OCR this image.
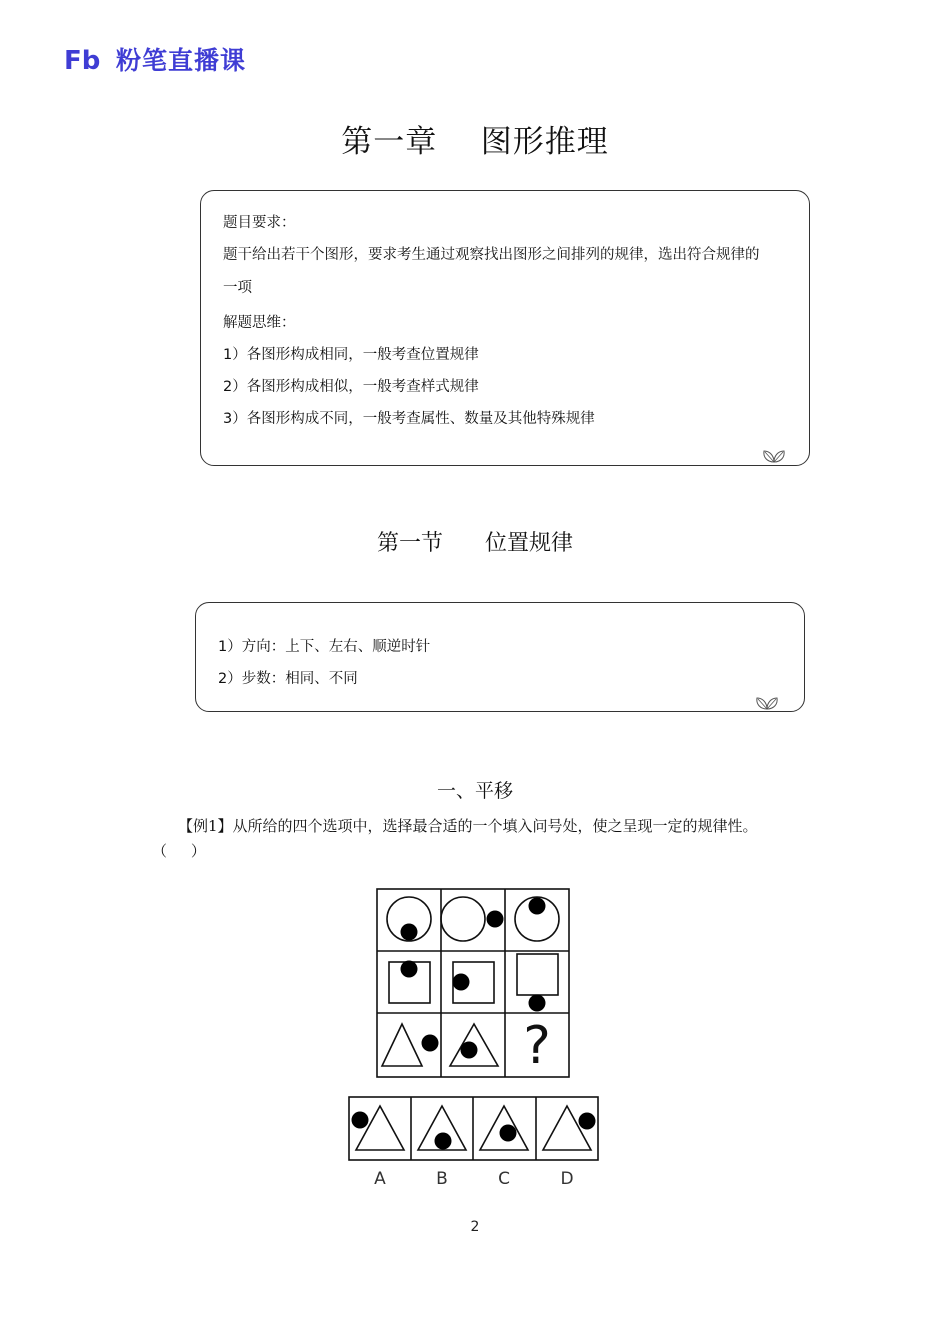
Fb 粉笔直播课
第一章    图形推理
题目要求：
题干给出若干个图形，要求考生通过观察找出图形之间排列的规律，选出符合规律的
一项
解题思维：
1）各图形构成相同，一般考查位置规律
2）各图形构成相似，一般考查样式规律
3）各图形构成不同，一般考查属性、数量及其他特殊规律
第一节      位置规律
1）方向：上下、左右、顺逆时针
2）步数：相同、不同
一、平移
【例1】从所给的四个选项中，选择最合适的一个填入问号处，使之呈现一定的规律性。
（     ）
?
A	B	C	D
2
